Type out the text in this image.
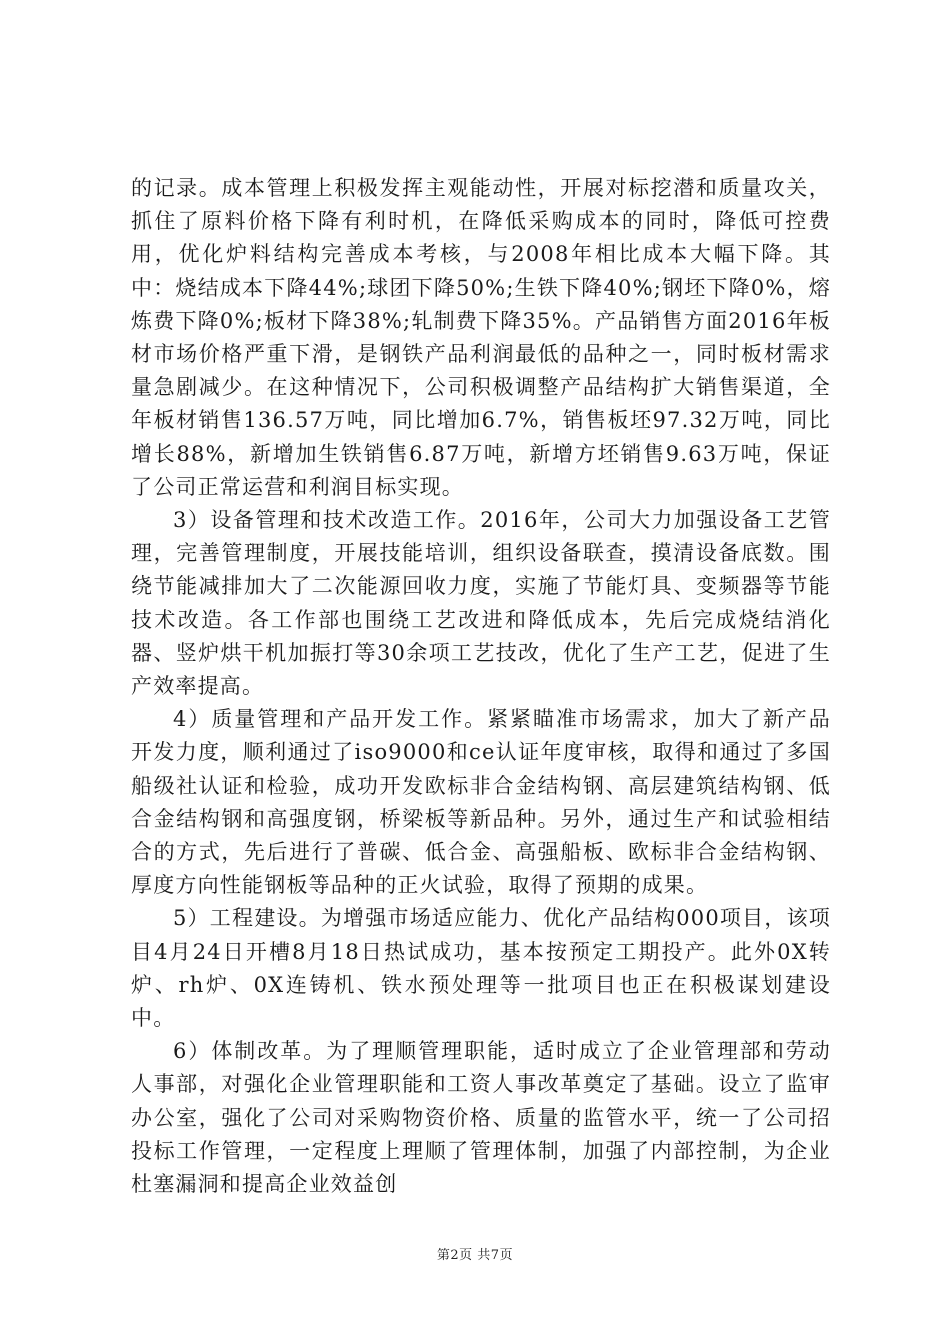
的记录。成本管理上积极发挥主观能动性，开展对标挖潜和质量攻关，抓住了原料价格下降有利时机，在降低采购成本的同时，降低可控费用，优化炉料结构完善成本考核，与2008年相比成本大幅下降。其中：烧结成本下降44%;球团下降50%;生铁下降40%;钢坯下降0%，熔炼费下降0%;板材下降38%;轧制费下降35%。产品销售方面2016年板材市场价格严重下滑，是钢铁产品利润最低的品种之一，同时板材需求量急剧减少。在这种情况下，公司积极调整产品结构扩大销售渠道，全年板材销售136.57万吨，同比增加6.7%，销售板坯97.32万吨，同比增长88%，新增加生铁销售6.87万吨，新增方坯销售9.63万吨，保证了公司正常运营和利润目标实现。

3）设备管理和技术改造工作。2016年，公司大力加强设备工艺管理，完善管理制度，开展技能培训，组织设备联查，摸清设备底数。围绕节能减排加大了二次能源回收力度，实施了节能灯具、变频器等节能技术改造。各工作部也围绕工艺改进和降低成本，先后完成烧结消化器、竖炉烘干机加振打等30余项工艺技改，优化了生产工艺，促进了生产效率提高。

4）质量管理和产品开发工作。紧紧瞄准市场需求，加大了新产品开发力度，顺利通过了iso9000和ce认证年度审核，取得和通过了多国船级社认证和检验，成功开发欧标非合金结构钢、高层建筑结构钢、低合金结构钢和高强度钢，桥梁板等新品种。另外，通过生产和试验相结合的方式，先后进行了普碳、低合金、高强船板、欧标非合金结构钢、厚度方向性能钢板等品种的正火试验，取得了预期的成果。

5）工程建设。为增强市场适应能力、优化产品结构000项目，该项目4月24日开槽8月18日热试成功，基本按预定工期投产。此外0X转炉、rh炉、0X连铸机、铁水预处理等一批项目也正在积极谋划建设中。

6）体制改革。为了理顺管理职能，适时成立了企业管理部和劳动人事部，对强化企业管理职能和工资人事改革奠定了基础。设立了监审办公室，强化了公司对采购物资价格、质量的监管水平，统一了公司招投标工作管理，一定程度上理顺了管理体制，加强了内部控制，为企业杜塞漏洞和提高企业效益创

第2页 共7页
